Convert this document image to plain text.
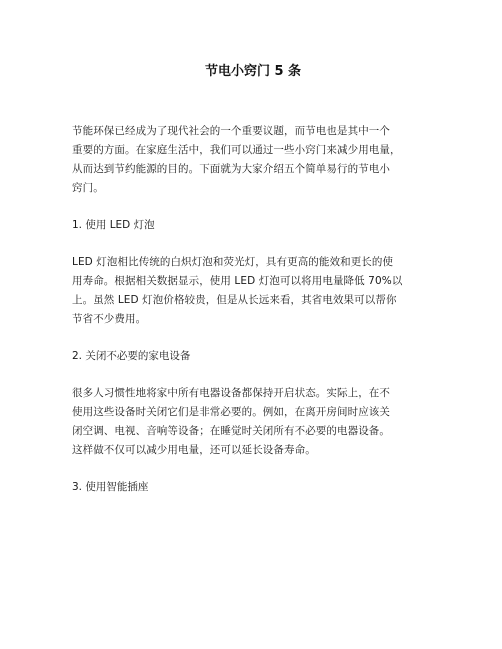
节电小窍门 5 条

节能环保已经成为了现代社会的一个重要议题，而节电也是其中一个
重要的方面。在家庭生活中，我们可以通过一些小窍门来减少用电量，
从而达到节约能源的目的。下面就为大家介绍五个简单易行的节电小
窍门。

1. 使用 LED 灯泡

LED 灯泡相比传统的白炽灯泡和荧光灯，具有更高的能效和更长的使
用寿命。根据相关数据显示，使用 LED 灯泡可以将用电量降低 70%以
上。虽然 LED 灯泡价格较贵，但是从长远来看，其省电效果可以帮你
节省不少费用。

2. 关闭不必要的家电设备

很多人习惯性地将家中所有电器设备都保持开启状态。实际上，在不
使用这些设备时关闭它们是非常必要的。例如，在离开房间时应该关
闭空调、电视、音响等设备；在睡觉时关闭所有不必要的电器设备。
这样做不仅可以减少用电量，还可以延长设备寿命。

3. 使用智能插座
